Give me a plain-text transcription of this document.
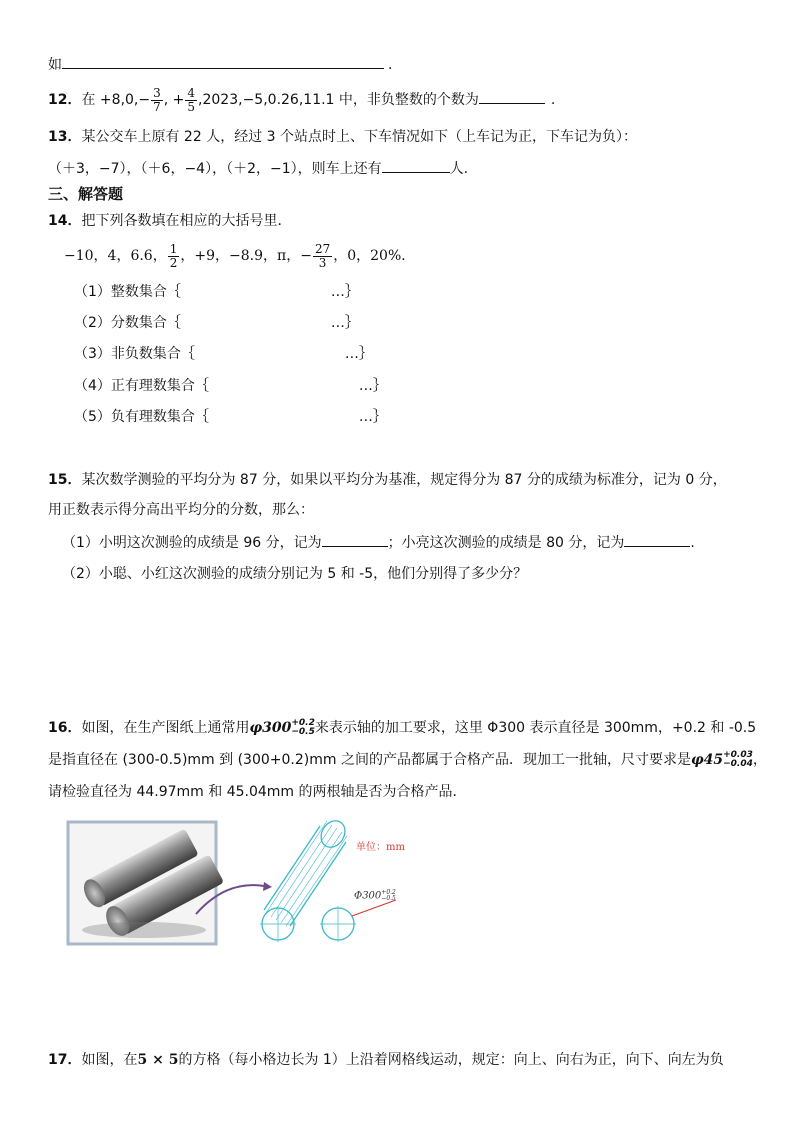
如	.
12．在 $+8,0,- \frac{3}{7}$ , + $\frac{4}{5} ,2023,-5,0.26,11.1$ 中，非负整数的个数为	.
13．某公交车上原有 22 人，经过 3 个站点时上、下车情况如下（上车记为正，下车记为负）：
（＋3，−7），（＋6，−4），（＋2，−1），则车上还有	人.
三、解答题
14．把下列各数填在相应的大括号里．
−10，4，6.6， $\frac{1}{2}$ ，+9，−8.9，π，− $\frac{27}{3}$ ，0，20%．
（1）整数集合｛	…｝
（2）分数集合｛	…｝
（3）非负数集合｛	…｝
（4）正有理数集合｛	…｝
（5）负有理数集合｛	…｝
15．某次数学测验的平均分为 87 分，如果以平均分为基准，规定得分为 87 分的成绩为标准分，记为 0 分，
用正数表示得分高出平均分的分数，那么：
（1）小明这次测验的成绩是 96 分，记为	；小亮这次测验的成绩是 80 分，记为	.
（2）小聪、小红这次测验的成绩分别记为 5 和 -5，他们分别得了多少分？
16．如图，在生产图纸上通常用φ300 +0.2
−0.5 来表示轴的加工要求，这里 Φ300 表示直径是 300mm，+0.2 和 -0.5
是指直径在 (300-0.5)mm 到 (300+0.2)mm 之间的产品都属于合格产品．现加工一批轴，尺寸要求是φ45 +0.03
−0.04 ，
请检验直径为 44.97mm 和 45.04mm 的两根轴是否为合格产品．
单位：mm
Φ300 +0.2
−0.5
17．如图，在5 × 5的方格（每小格边长为 1）上沿着网格线运动，规定：向上、向右为正，向下、向左为负
